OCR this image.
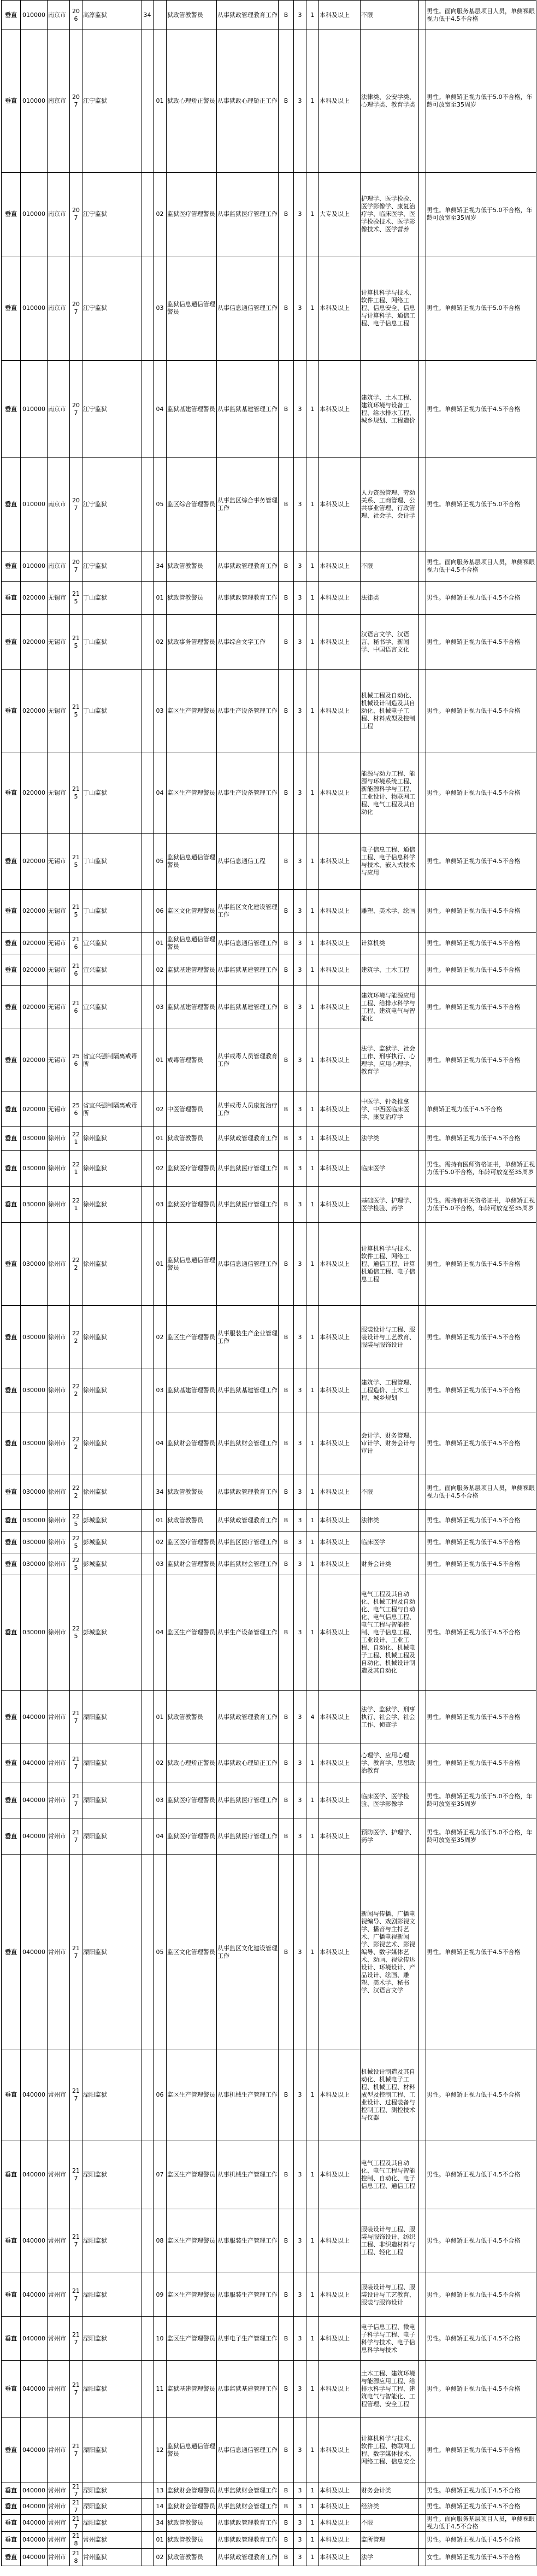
垂直	010000	南京市	206	高淳监狱	34		狱政管教警员	从事狱政管理教育工作	B	3	1	本科及以上	不限		男性。面向服务基层项目人员，单侧裸眼视力低于4.5不合格
垂直	010000	南京市	207	江宁监狱		01	狱政心理矫正警员	从事狱政心理矫正工作	B	3	1	本科及以上	法律类、公安学类、心理学类、教育学类		男性。单侧矫正视力低于5.0不合格，年龄可放宽至35周岁
垂直	010000	南京市	207	江宁监狱		02	监狱医疗管理警员	从事监狱医疗管理工作	B	3	1	大专及以上	护理学、医学检验、医学影像学、康复治疗学、临床医学、医学检验技术、医学影像技术、医学营养		男性。单侧矫正视力低于5.0不合格，年龄可放宽至35周岁
垂直	010000	南京市	207	江宁监狱		03	监狱信息通信管理警员	从事信息通信管理工作	B	3	1	本科及以上	计算机科学与技术、软件工程、网络工程、信息安全、信息与计算科学、通信工程、电子信息工程		男性。单侧矫正视力低于5.0不合格
垂直	010000	南京市	207	江宁监狱		04	监狱基建管理警员	从事监狱基建管理工作	B	3	1	本科及以上	建筑学、土木工程、建筑环境与设备工程、给水排水工程、城乡规划、工程造价		男性。单侧矫正视力低于4.5不合格
垂直	010000	南京市	207	江宁监狱		05	监区综合管理警员	从事监区综合事务管理工作	B	3	1	本科及以上	人力资源管理、劳动关系、工商管理、公共事业管理、行政管理、社会学、会计学		男性。单侧矫正视力低于5.0不合格
垂直	010000	南京市	207	江宁监狱		34	狱政管教警员	从事狱政管理教育工作	B	3	1	本科及以上	不限		男性。面向服务基层项目人员，单侧裸眼视力低于4.5不合格
垂直	020000	无锡市	215	丁山监狱		01	狱政管教警员	从事狱政管理教育工作	B	3	1	本科及以上	法律类		男性。单侧矫正视力低于4.5不合格
垂直	020000	无锡市	215	丁山监狱		02	狱政事务管理警员	从事综合文字工作	B	3	1	本科及以上	汉语言文学、汉语言、秘书学、新闻学、中国语言文化		男性。单侧矫正视力低于4.5不合格
垂直	020000	无锡市	215	丁山监狱		03	监区生产管理警员	从事生产设备管理工作	B	3	1	本科及以上	机械工程及自动化、机械设计制造及其自动化、机械电子工程、材料成型及控制工程		男性。单侧矫正视力低于4.5不合格
垂直	020000	无锡市	215	丁山监狱		04	监区生产管理警员	从事生产设备管理工作	B	3	1	本科及以上	能源与动力工程、能源与环境系统工程、新能源科学与工程、工业设计、物联网工程、电气工程及其自动化		男性。单侧矫正视力低于4.5不合格
垂直	020000	无锡市	215	丁山监狱		05	监狱信息通信管理警员	从事信息通信工程	B	3	1	本科及以上	电子信息工程、通信工程、电子信息科学与技术、嵌入式技术与应用		男性。单侧矫正视力低于4.5不合格
垂直	020000	无锡市	215	丁山监狱		06	监区文化管理警员	从事监区文化建设管理工作	B	3	1	本科及以上	雕塑、美术学、绘画		男性。单侧矫正视力低于4.5不合格
垂直	020000	无锡市	216	宜兴监狱		01	监狱信息通信管理警员	从事信息通信管理工作	B	3	1	本科及以上	计算机类		男性。单侧矫正视力低于4.5不合格
垂直	020000	无锡市	216	宜兴监狱		02	监狱基建管理警员	从事监狱基建管理工作	B	3	1	本科及以上	建筑学、土木工程		男性。单侧矫正视力低于4.5不合格
垂直	020000	无锡市	216	宜兴监狱		03	监狱基建管理警员	从事监狱基建管理工作	B	3	1	本科及以上	建筑环境与能源应用工程、给排水科学与工程、建筑电气与智能化		男性。单侧矫正视力低于4.5不合格
垂直	020000	无锡市	256	省宜兴强制隔离戒毒所		01	戒毒管理警员	从事戒毒人员管理教育工作	B	3	1	本科及以上	法学、监狱学、社会工作、刑事执行、心理学、应用心理学、教育学		男性。单侧矫正视力低于4.5不合格
垂直	020000	无锡市	256	省宜兴强制隔离戒毒所		02	中医管理警员	从事戒毒人员康复治疗工作	B	3	1	本科及以上	中医学、针灸推拿学、中西医临床医学、康复治疗学		单侧矫正视力低于4.5不合格
垂直	030000	徐州市	221	徐州监狱		01	狱政管教警员	从事狱政管理教育工作	B	3	1	本科及以上	法学类		男性。单侧矫正视力低于4.5不合格
垂直	030000	徐州市	221	徐州监狱		02	监狱医疗管理警员	从事监狱医疗管理工作	B	3	1	本科及以上	临床医学		男性。需持有医师资格证书，单侧矫正视力低于5.0不合格，年龄可放宽至35周岁
垂直	030000	徐州市	221	徐州监狱		03	监狱医疗管理警员	从事监狱医疗管理工作	B	3	1	本科及以上	基础医学、护理学、医学检验、药学		男性。需持有相关资格证书，单侧矫正视力低于5.0不合格，年龄可放宽至35周岁
垂直	030000	徐州市	222	徐州监狱		01	监狱信息通信管理警员	从事信息通信管理工作	B	3	1	本科及以上	计算机科学与技术、软件工程、网络工程、通信工程、计算机通信工程、电子信息工程		男性。单侧矫正视力低于4.5不合格
垂直	030000	徐州市	222	徐州监狱		02	监区生产管理警员	从事服装生产企业管理工作	B	3	1	本科及以上	服装设计与工程、服装设计与工艺教育、服装与服饰设计		男性。单侧矫正视力低于4.5不合格
垂直	030000	徐州市	222	徐州监狱		03	监狱基建管理警员	从事监狱基建管理工作	B	3	1	本科及以上	建筑学、工程管理、工程造价、土木工程、城乡规划		男性。单侧矫正视力低于4.5不合格
垂直	030000	徐州市	222	徐州监狱		04	监狱财会管理警员	从事监狱财会管理工作	B	3	1	本科及以上	会计学、财务管理、审计学、财务会计与审计		男性。单侧矫正视力低于4.5不合格
垂直	030000	徐州市	222	徐州监狱		34	狱政管教警员	从事狱政管理教育工作	B	3	1	本科及以上	不限		男性。面向服务基层项目人员，单侧裸眼视力低于4.5不合格
垂直	030000	徐州市	225	彭城监狱		01	狱政管教警员	从事狱政管理教育工作	B	3	1	本科及以上	法律类		男性。单侧矫正视力低于4.5不合格
垂直	030000	徐州市	225	彭城监狱		02	监区医疗管理警员	从事监区医疗管理工作	B	3	1	本科及以上	临床医学		男性。单侧矫正视力低于4.5不合格
垂直	030000	徐州市	225	彭城监狱		03	监狱财会管理警员	从事监狱财会管理工作	B	3	1	本科及以上	财务会计类		男性。单侧矫正视力低于4.5不合格
垂直	030000	徐州市	225	彭城监狱		04	监区生产管理警员	从事生产设备管理工作	B	3	1	本科及以上	电气工程及其自动化、机械工程及自动化、电气工程与自动化、电气信息工程、电气工程与智能控制、电子信息工程、工业设计、工业工程、自动化、机械电子工程、机械工程及自动化、机械设计制造及其自动化		男性。单侧矫正视力低于4.5不合格
垂直	040000	常州市	217	溧阳监狱		01	狱政管教警员	从事狱政管理教育工作	B	3	4	本科及以上	法学、监狱学、刑事执行、社会学、社会工作、侦查学		男性。单侧矫正视力低于4.5不合格
垂直	040000	常州市	217	溧阳监狱		02	狱政心理矫正警员	从事狱政心理矫正工作	B	3	1	本科及以上	心理学、应用心理学、教育学、思想政治教育		男性。单侧矫正视力低于4.5不合格
垂直	040000	常州市	217	溧阳监狱		03	监狱医疗管理警员	从事监狱医疗管理工作	B	3	1	本科及以上	临床医学、医学检验、医学影像学		男性。单侧矫正视力低于5.0不合格，年龄可放宽至35周岁
垂直	040000	常州市	217	溧阳监狱		04	监狱医疗管理警员	从事监狱医疗管理工作	B	3	1	本科及以上	预防医学、护理学、药学		男性。单侧矫正视力低于5.0不合格，年龄可放宽至35周岁
垂直	040000	常州市	217	溧阳监狱		05	监区文化管理警员	从事监区文化建设管理工作	B	3	1	本科及以上	新闻与传播、广播电视编导、戏剧影视文学、播音与主持艺术、广播电视新闻学、影视艺术、影视编导、数字媒体艺术、动画、视觉传达设计、环境设计、产品设计、绘画、雕塑、美术学、秘书学、汉语言文学		男性。单侧矫正视力低于4.5不合格
垂直	040000	常州市	217	溧阳监狱		06	监区生产管理警员	从事机械生产管理工作	B	3	1	本科及以上	机械设计制造及其自动化、机械电子工程、机械工程、材料成型及控制工程、工业设计、过程装备与控制工程、测控技术与仪器		男性。单侧矫正视力低于4.5不合格
垂直	040000	常州市	217	溧阳监狱		07	监区生产管理警员	从事机械生产管理工作	B	3	1	本科及以上	电气工程及其自动化、电气工程与智能控制、自动化、电子信息工程、通信工程		男性。单侧矫正视力低于4.5不合格
垂直	040000	常州市	217	溧阳监狱		08	监区生产管理警员	从事服装生产管理工作	B	3	1	本科及以上	服装设计与工程、服装与服饰设计、纺织工程、非织造材料与工程、轻化工程		男性。单侧矫正视力低于4.5不合格
垂直	040000	常州市	217	溧阳监狱		09	监区生产管理警员	从事服装生产管理工作	B	3	1	本科及以上	服装设计与工程、服装设计与工艺教育、服装与服饰设计		男性。单侧矫正视力低于4.5不合格
垂直	040000	常州市	217	溧阳监狱		10	监区生产管理警员	从事电子生产管理工作	B	3	1	本科及以上	电子信息工程、微电子科学与工程、电子科学与技术、电子信息科学与技术		男性。单侧矫正视力低于4.5不合格
垂直	040000	常州市	217	溧阳监狱		11	监狱基建管理警员	从事监狱基建管理工作	B	3	1	本科及以上	土木工程、建筑环境与能源应用工程、给排水科学与工程、建筑电气与智能化、工程管理、安全工程		男性。单侧矫正视力低于4.5不合格
垂直	040000	常州市	217	溧阳监狱		12	监狱信息通信管理警员	从事信息通信管理工作	B	3	1	本科及以上	计算机科学与技术、软件工程、物联网工程、数字媒体技术、网络工程、信息安全		男性。单侧矫正视力低于4.5不合格
垂直	040000	常州市	217	溧阳监狱		13	监狱财会管理警员	从事监狱财会管理工作	B	3	1	本科及以上	财务会计类		男性。单侧矫正视力低于4.5不合格
垂直	040000	常州市	217	溧阳监狱		14	监狱财会管理警员	从事监狱财会管理工作	B	3	1	本科及以上	经济类		男性。单侧矫正视力低于4.5不合格
垂直	040000	常州市	217	溧阳监狱		34	狱政管教警员	从事狱政管理教育工作	B	3	1	本科及以上	不限		男性。面向服务基层项目人员，单侧裸眼视力低于4.5不合格
垂直	040000	常州市	218	常州监狱		01	狱政管教警员	从事狱政管理教育工作	B	3	1	本科及以上	监所管理		男性。单侧矫正视力低于4.5不合格
垂直	040000	常州市	218	常州监狱		02	狱政管教警员	从事狱政管理教育工作	B	3	1	本科及以上	法学		女性。单侧矫正视力低于4.5不合格
